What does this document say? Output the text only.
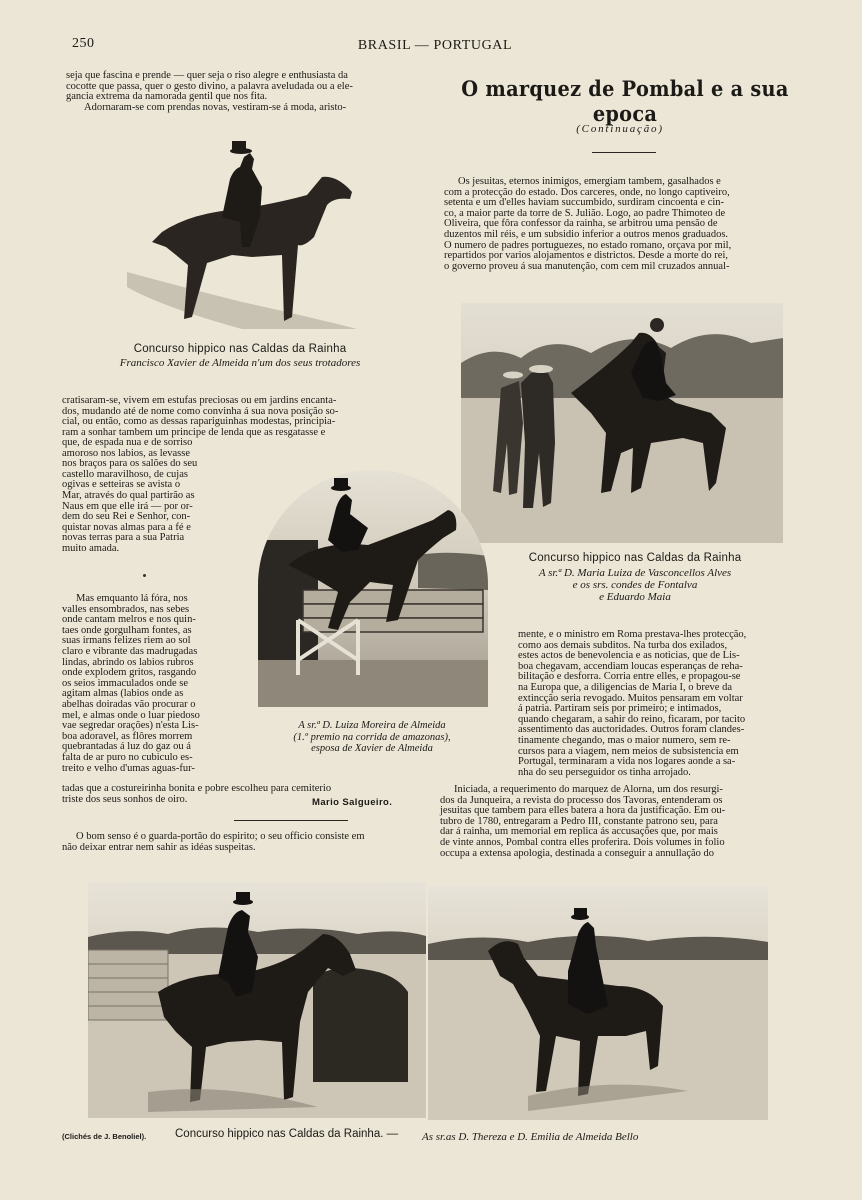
250	BRASIL — PORTUGAL

seja que fascina e prende — quer seja o riso alegre e enthusiasta da

cocotte que passa, quer o gesto divino, a palavra aveludada ou a ele-

gancia extrema da namorada gentil que nos fita.

Adornaram-se com prendas novas, vestiram-se á moda, aristo-

O marquez de Pombal e a sua epoca
(Continuação)

Os jesuitas, eternos inimigos, emergiam tambem, gasalhados e

com a protecção do estado. Dos carceres, onde, no longo captiveiro,

setenta e um d'elles haviam succumbido, surdiram cincoenta e cin-

co, a maior parte da torre de S. Julião. Logo, ao padre Thimoteo de

Oliveira, que fôra confessor da rainha, se arbitrou uma pensão de

duzentos mil réis, e um subsidio inferior a outros menos graduados.

O numero de padres portuguezes, no estado romano, orçava por mil,

repartidos por varios alojamentos e districtos. Desde a morte do rei,

o governo proveu á sua manutenção, com cem mil cruzados annual-

Concurso hippico nas Caldas da Rainha
Francisco Xavier de Almeida n'um dos seus trotadores
Concurso hippico nas Caldas da Rainha
A sr.ª D. Maria Luiza de Vasconcellos Alves
e os srs. condes de Fontalva
e Eduardo Maia

cratisaram-se, vivem em estufas preciosas ou em jardins encanta-

dos, mudando até de nome como convinha á sua nova posição so-

cial, ou então, como as dessas rapariguinhas modestas, principia-

ram a sonhar tambem um principe de lenda que as resgatasse e

que, de espada nua e de sorriso

amoroso nos labios, as levasse

nos braços para os salões do seu

castello maravilhoso, de cujas

ogivas e setteiras se avista o

Mar, através do qual partirão as

Naus em que elle irá — por or-

dem do seu Rei e Senhor, con-

quistar novas almas para a fé e

novas terras para a sua Patria

muito amada.

A sr.ª D. Luiza Moreira de Almeida
(1.º premio na corrida de amazonas),
esposa de Xavier de Almeida

Mas emquanto lá fóra, nos

valles ensombrados, nas sebes

onde cantam melros e nos quin-

taes onde gorgulham fontes, as

suas irmans felizes riem ao sol

claro e vibrante das madrugadas

lindas, abrindo os labios rubros

onde explodem gritos, rasgando

os seios immaculados onde se

agitam almas (labios onde as

abelhas doiradas vão procurar o

mel, e almas onde o luar piedoso

vae segredar orações) n'esta Lis-

boa adoravel, as flôres morrem

quebrantadas á luz do gaz ou á

falta de ar puro no cubiculo es-

treito e velho d'umas aguas-fur-

tadas que a costureirinha bonita e pobre escolheu para cemiterio

triste dos seus sonhos de oiro.	Mario Salgueiro.

O bom senso é o guarda-portão do espirito; o seu officio consiste em

não deixar entrar nem sahir as idéas suspeitas.

mente, e o ministro em Roma prestava-lhes protecção,

como aos demais subditos. Na turba dos exilados,

estes actos de benevolencia e as noticias, que de Lis-

boa chegavam, accendiam loucas esperanças de reha-

bilitação e desforra. Corria entre elles, e propagou-se

na Europa que, a diligencias de Maria I, o breve da

extincção seria revogado. Muitos pensaram em voltar

á patria. Partiram seis por primeiro; e intimados,

quando chegaram, a sahir do reino, ficaram, por tacito

assentimento das auctoridades. Outros foram clandes-

tinamente chegando, mas o maior numero, sem re-

cursos para a viagem, nem meios de subsistencia em

Portugal, terminaram a vida nos logares aonde a sa-

nha do seu perseguidor os tinha arrojado.

Iniciada, a requerimento do marquez de Alorna, um dos resurgi-

dos da Junqueira, a revista do processo dos Tavoras, entenderam os

jesuitas que tambem para elles batera a hora da justificação. Em ou-

tubro de 1780, entregaram a Pedro III, constante patrono seu, para

dar á rainha, um memorial em replica ás accusações que, por mais

de vinte annos, Pombal contra elles proferira. Dois volumes in folio

occupa a extensa apologia, destinada a conseguir a annullação do

(Clichés de J. Benoliel).	Concurso hippico nas Caldas da Rainha. — As sr.as D. Thereza e D. Emilia de Almeida Bello
